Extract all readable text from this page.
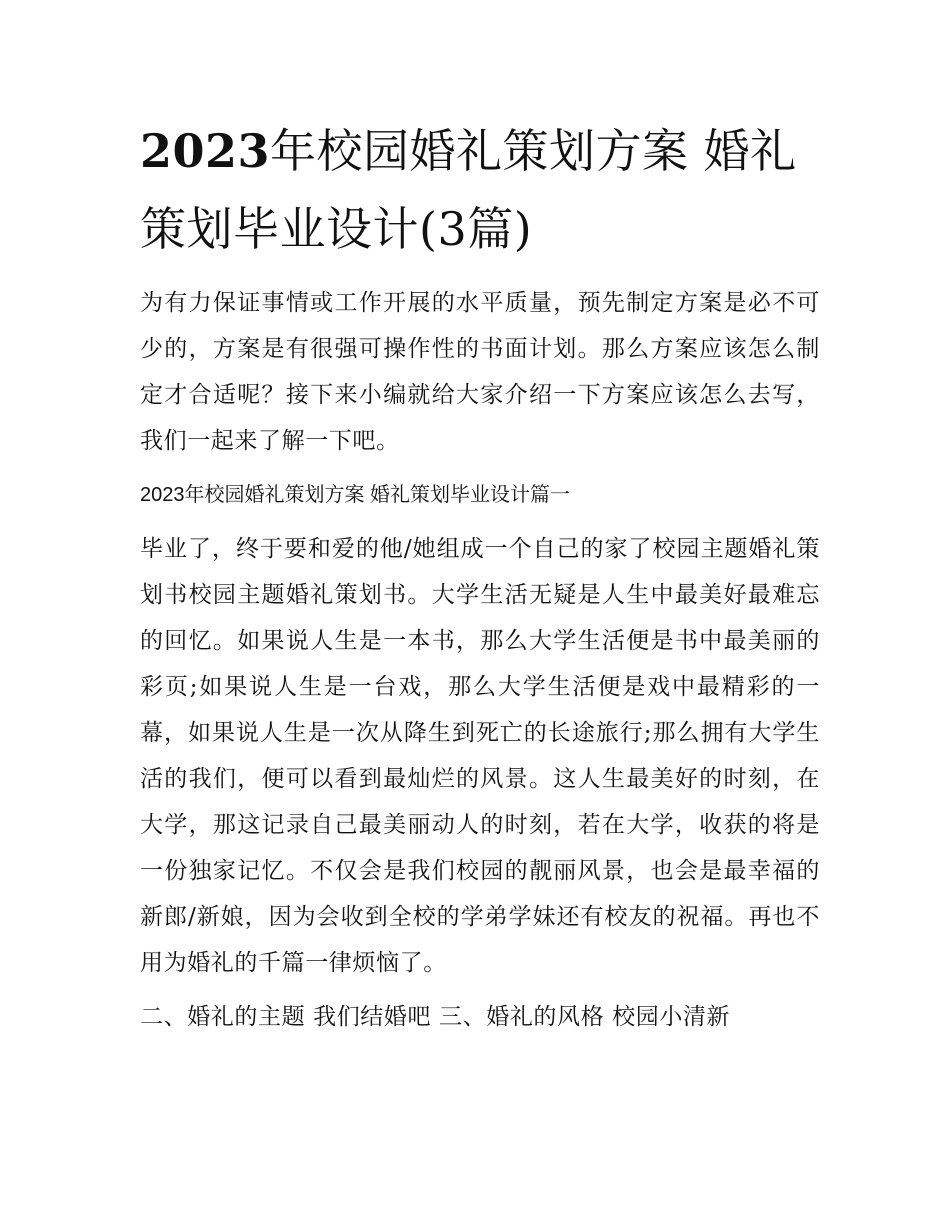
2023年校园婚礼策划方案 婚礼策划毕业设计(3篇)

为有力保证事情或工作开展的水平质量，预先制定方案是必不可少的，方案是有很强可操作性的书面计划。那么方案应该怎么制定才合适呢？接下来小编就给大家介绍一下方案应该怎么去写，我们一起来了解一下吧。

2023年校园婚礼策划方案 婚礼策划毕业设计篇一

毕业了，终于要和爱的他/她组成一个自己的家了校园主题婚礼策划书校园主题婚礼策划书。大学生活无疑是人生中最美好最难忘的回忆。如果说人生是一本书，那么大学生活便是书中最美丽的彩页;如果说人生是一台戏，那么大学生活便是戏中最精彩的一幕，如果说人生是一次从降生到死亡的长途旅行;那么拥有大学生活的我们，便可以看到最灿烂的风景。这人生最美好的时刻，在大学，那这记录自己最美丽动人的时刻，若在大学，收获的将是一份独家记忆。不仅会是我们校园的靓丽风景，也会是最幸福的新郎/新娘，因为会收到全校的学弟学妹还有校友的祝福。再也不用为婚礼的千篇一律烦恼了。

二、婚礼的主题 我们结婚吧 三、婚礼的风格 校园小清新
